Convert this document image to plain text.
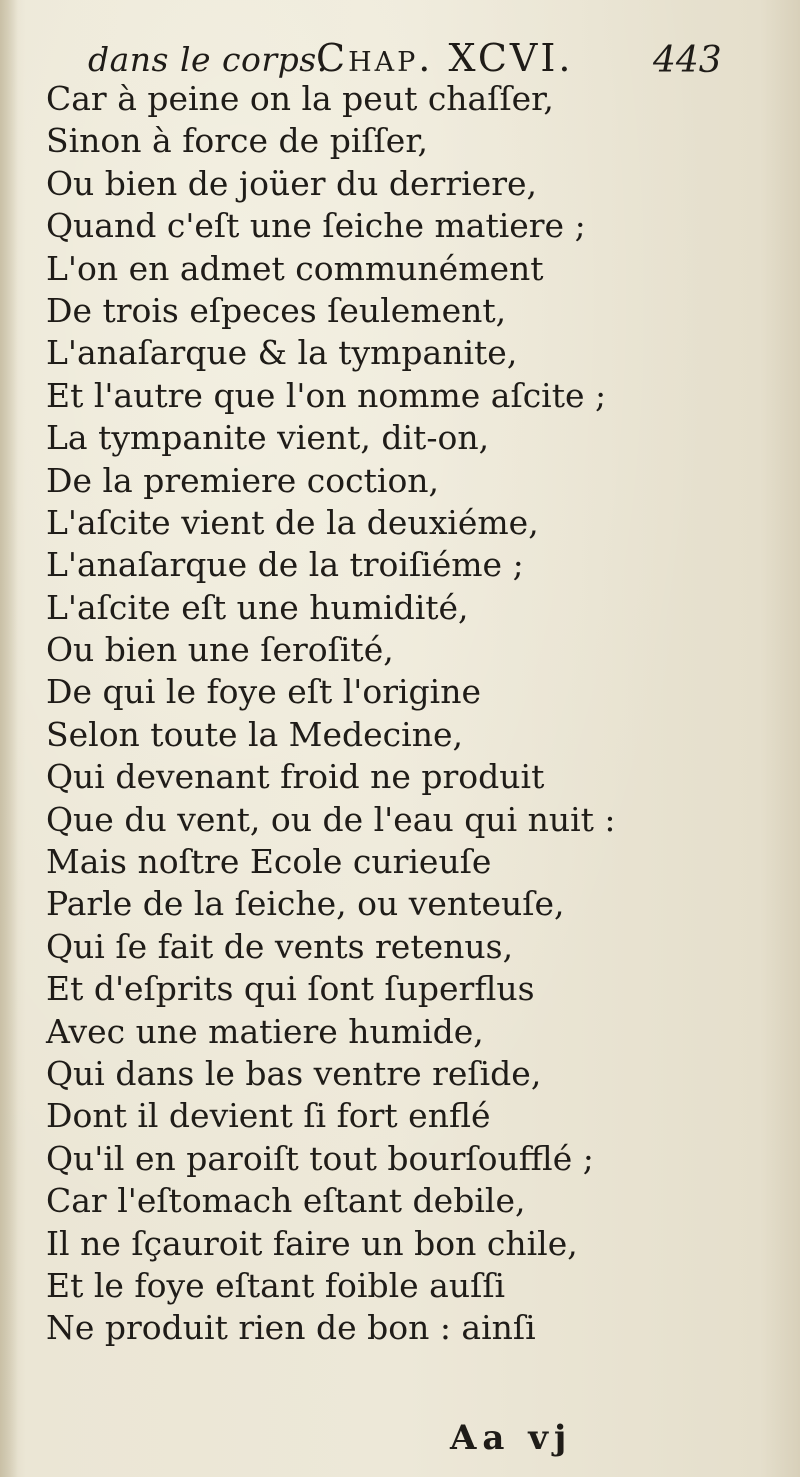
dans le corps.
Chap. XCVI. 443
Car à peine on la peut chaſſer,
Sinon à force de piſſer,
Ou bien de joüer du derriere,
Quand c'eſt une ſeiche matiere ;
L'on en admet communément
De trois eſpeces ſeulement,
L'anaſarque & la tympanite,
Et l'autre que l'on nomme aſcite ;
La tympanite vient, dit-on,
De la premiere coction,
L'aſcite vient de la deuxiéme,
L'anaſarque de la troiſiéme ;
L'aſcite eſt une humidité,
Ou bien une ſeroſité,
De qui le foye eſt l'origine
Selon toute la Medecine,
Qui devenant froid ne produit
Que du vent, ou de l'eau qui nuit :
Mais noſtre Ecole curieuſe
Parle de la ſeiche, ou venteuſe,
Qui ſe fait de vents retenus,
Et d'eſprits qui ſont ſuperflus
Avec une matiere humide,
Qui dans le bas ventre reſide,
Dont il devient ſi fort enflé
Qu'il en paroiſt tout bourſoufflé ;
Car l'eſtomach eſtant debile,
Il ne ſçauroit faire un bon chile,
Et le foye eſtant foible auſſi
Ne produit rien de bon : ainſi
Aa vj
